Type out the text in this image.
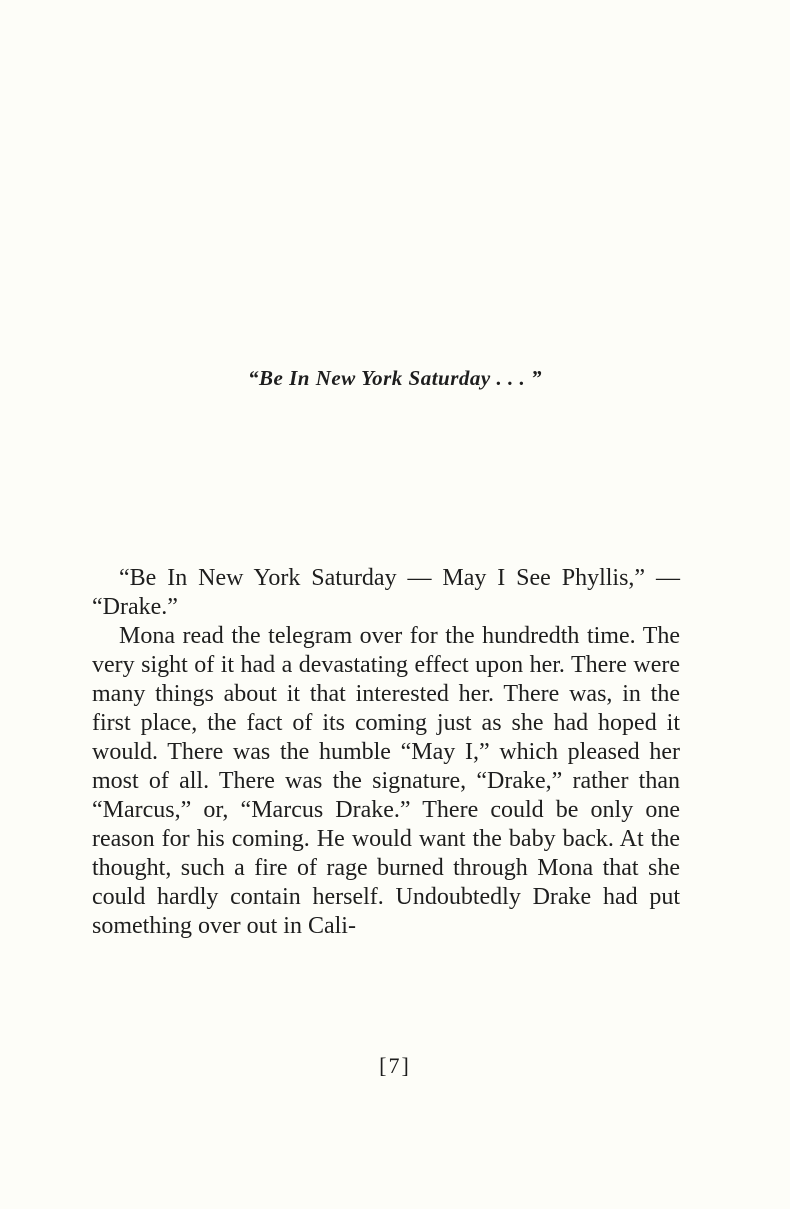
“Be In New York Saturday . . . ”

“Be In New York Saturday — May I See Phyllis,” — “Drake.”

Mona read the telegram over for the hundredth time. The very sight of it had a devastating effect upon her. There were many things about it that interested her. There was, in the first place, the fact of its coming just as she had hoped it would. There was the humble “May I,” which pleased her most of all. There was the signature, “Drake,” rather than “Marcus,” or, “Marcus Drake.” There could be only one reason for his coming. He would want the baby back. At the thought, such a fire of rage burned through Mona that she could hardly contain herself. Undoubtedly Drake had put something over out in Cali-

[7]
